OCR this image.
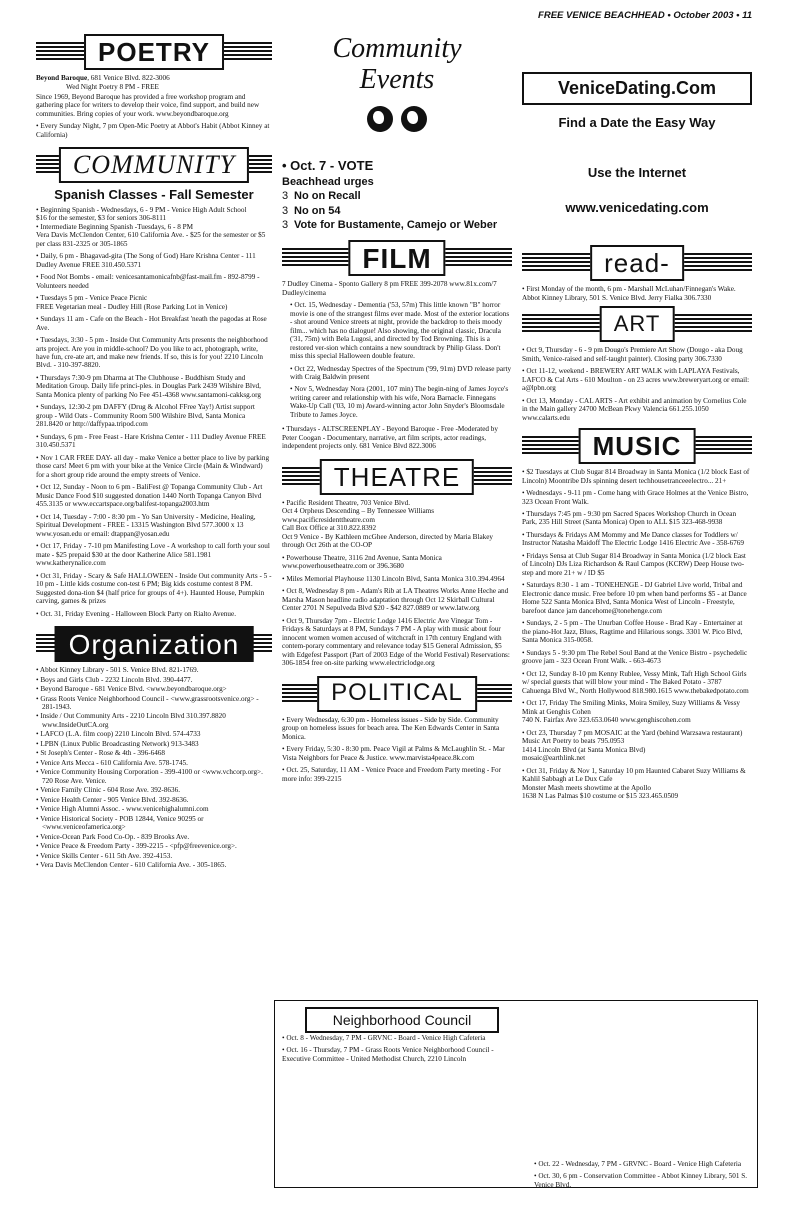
FREE VENICE BEACHHEAD • October 2003 • 11
POETRY

Beyond Baroque, 681 Venice Blvd. 822-3006

Wed Night Poetry 8 PM - FREE

Since 1969, Beyond Baroque has provided a free workshop program and gathering place for writers to develop their voice, find support, and build new communities. Bring copies of your work. www.beyondbaroque.org

• Every Sunday Night, 7 pm Open-Mic Poetry at Abbot's Habit (Abbot Kinney at California)

COMMUNITY
Spanish Classes - Fall Semester

• Beginning Spanish - Wednesdays, 6 - 9 PM - Venice High Adult School
$16 for the semester, $3 for seniors 306-8111
• Intermediate Beginning Spanish -Tuesdays, 6 - 8 PM
Vera Davis McClendon Center, 610 California Ave. - $25 for the semester or $5 per class 831-2325 or 305-1865

• Daily, 6 pm - Bhagavad-gita (The Song of God) Hare Krishna Center - 111 Dudley Avenue FREE 310.450.5371
• Food Not Bombs - email: venicesantamonicafnb@fast-mail.fm - 892-8799 - Volunteers needed
• Tuesdays 5 pm - Venice Peace Picnic
FREE Vegetarian meal - Dudley Hill (Rose Parking Lot in Venice)
• Sundays 11 am - Cafe on the Beach - Hot Breakfast 'neath the pagodas at Rose Ave.
• Tuesdays, 3:30 - 5 pm - Inside Out Community Arts presents the neighborhood arts project. Are you in middle-school? Do you like to act, photograph, write, have fun, cre-ate art, and make new friends. If so, this is for you! 2210 Lincoln Blvd. - 310-397-8820.
• Thursdays 7:30-9 pm Dharma at The Clubhouse - Buddhism Study and Meditation Group. Daily life princi-ples. in Douglas Park 2439 Wilshire Blvd, Santa Monica plenty of parking No Fee 451-4368 www.santamoni-cakksg.org
• Sundays, 12:30-2 pm DAFFY (Drug & Alcohol FFree Yay!) Artist support group - Wild Oats - Community Room 500 Wilshire Blvd, Santa Monica 281.8420 or http://daffypaa.tripod.com
• Sundays, 6 pm - Free Feast - Hare Krishna Center - 111 Dudley Avenue FREE 310.450.5371
• Nov 1 CAR FREE DAY- all day - make Venice a better place to live by parking those cars! Meet 6 pm with your bike at the Venice Circle (Main & Windward) for a short group ride around the empty streets of Venice.
• Oct 12, Sunday - Noon to 6 pm - BaliFest @ Topanga Community Club - Art Music Dance Food $10 suggested donation 1440 North Topanga Canyon Blvd 455.3135 or www.eccartspace.org/balifest-topanga2003.htm
• Oct 14, Tuesday - 7:00 - 8:30 pm - Yo San University - Medicine, Healing, Spiritual Development - FREE - 13315 Washington Blvd 577.3000 x 13 www.yosan.edu or email: dtappan@yosan.edu
• Oct 17, Friday - 7-10 pm Manifesting Love - A workshop to call forth your soul mate - $25 prepaid $30 at the door Katherine Alice 581.1981 www.katherynalice.com
• Oct 31, Friday - Scary & Safe HALLOWEEN - Inside Out community Arts - 5 - 10 pm - Little kids costume con-test 6 PM; Big kids costume contest 8 PM. Suggested dona-tion $4 (half price for groups of 4+). Haunted House, Pumpkin carving, games & prizes
• Oct. 31, Friday Evening - Halloween Block Party on Rialto Avenue.
Organization
• Abbot Kinney Library - 501 S. Venice Blvd. 821-1769.
• Boys and Girls Club - 2232 Lincoln Blvd. 390-4477.
• Beyond Baroque - 681 Venice Blvd. <www.beyondbaroque.org>
• Grass Roots Venice Neighborhood Council - <www.grassrootsvenice.org> - 281-1943.
• Inside / Out Community Arts - 2210 Lincoln Blvd 310.397.8820 www.InsideOutCA.org
• LAFCO (L.A. film coop) 2210 Lincoln Blvd. 574-4733
• LPBN (Linux Public Broadcasting Network) 913-3483
• St Joseph's Center - Rose & 4th - 396-6468
• Venice Arts Mecca - 610 California Ave. 578-1745.
• Venice Community Housing Corporation - 399-4100 or <www.vchcorp.org>. 720 Rose Ave. Venice.
• Venice Family Clinic - 604 Rose Ave. 392-8636.
• Venice Health Center - 905 Venice Blvd. 392-8636.
• Venice High Alumni Assoc. - www.venicehighalumni.com
• Venice Historical Society - POB 12844, Venice 90295 or <www.veniceofamerica.org>
• Venice-Ocean Park Food Co-Op. - 839 Brooks Ave.
• Venice Peace & Freedom Party - 399-2215 - <pfp@freevenice.org>.
• Venice Skills Center - 611 5th Ave. 392-4153.
• Vera Davis McClendon Center - 610 California Ave. - 305-1865.
Community
Events

• Oct. 7 - VOTE
Beachhead urges
3 No on Recall
3 No on 54
3 Vote for Bustamente, Camejo or Weber
FILM

7 Dudley Cinema - Sponto Gallery 8 pm FREE 399-2078 www.81x.com/7 Dudley/cinema

• Oct. 15, Wednesday - Dementia ('53, 57m) This little known "B" horror movie is one of the strangest films ever made. Most of the exterior locations - shot around Venice streets at night, provide the backdrop to theis moody film... which has no dialogue! Also showing, the original classic, Dracula ('31, 75m) with Bela Lugosi, and directed by Tod Browning. This is a restored ver-sion which contains a new soundtrack by Philip Glass. Don't miss this special Halloween double feature.
• Oct 22, Wednesday Spectres of the Spectrum ('99, 91m) DVD release party with Craig Baldwin present
• Nov 5, Wednesday Nora (2001, 107 min) The begin-ning of James Joyce's writing career and relationship with his wife, Nora Barnacle. Finnegans Wake-Up Call ('03, 10 m) Award-winning actor John Snyder's Bloomsdale Tribute to James Joyce.

• Thursdays - ALTSCREENPLAY - Beyond Baroque - Free -Moderated by Peter Coogan - Documentary, narrative, art film scripts, actor readings, independent projects only. 681 Venice Blvd 822.3006

THEATRE
• Pacific Resident Theatre, 703 Venice Blvd.
Oct 4 Orpheus Descending – By Tennessee Williams
www.pacificresidenttheatre.com
Call Box Office at 310.822.8392
Oct 9 Venice - By Kathleen mcGhee Anderson, directed by Maria Blakey through Oct 26th at the CO-OP
• Powerhouse Theatre, 3116 2nd Avenue, Santa Monica www.powerhousetheatre.com or 396.3680
• Miles Memorial Playhouse 1130 Lincoln Blvd, Santa Monica 310.394.4964
• Oct 8, Wednesday 8 pm - Adam's Rib at LA Theatres Works Anne Heche and Marsha Mason headline radio adaptation through Oct 12 Skirball Cultural Center 2701 N Sepulveda Blvd $20 - $42 827.0889 or www.latw.org
• Oct 9, Thursday 7pm - Electric Lodge 1416 Electric Ave Vinegar Tom - Fridays & Saturdays at 8 PM, Sundays 7 PM - A play with music about four innocent women women accused of witchcraft in 17th century England with contem-porary commentary and relevance today $15 General Admission, $5 with Edgefest Passport (Part of 2003 Edge of the World Festival) Reservations: 306-1854 free on-site parking www.electriclodge.org
POLITICAL
• Every Wednesday, 6:30 pm - Homeless issues - Side by Side. Community group on homeless issues for beach area. The Ken Edwards Center in Santa Monica.
• Every Friday, 5:30 - 8:30 pm. Peace Vigil at Palms & McLaughlin St. - Mar Vista Neighbors for Peace & Justice. www.marvista4peace.8k.com
• Oct. 25, Saturday, 11 AM - Venice Peace and Freedom Party meeting - For more info: 399-2215
Neighborhood Council
• Oct. 8 - Wednesday, 7 PM - GRVNC - Board - Venice High Cafeteria
• Oct. 16 - Thursday, 7 PM - Grass Roots Venice Neighborhood Council - Executive Committee - United Methodist Church, 2210 Lincoln
• Oct. 22 - Wednesday, 7 PM - GRVNC - Board - Venice High Cafeteria
• Oct. 30, 6 pm - Conservation Committee - Abbot Kinney Library, 501 S. Venice Blvd.
VeniceDating.Com
Find a Date the Easy Way
Use the Internet
www.venicedating.com
read-
• First Monday of the month, 6 pm - Marshall McLuhan/Finnegan's Wake. Abbot Kinney Library, 501 S. Venice Blvd. Jerry Fialka 306.7330
ART
• Oct 9, Thursday - 6 - 9 pm Dougo's Premiere Art Show (Dougo - aka Doug Smith, Venice-raised and self-taught painter). Closing party 306.7330
• Oct 11-12, weekend - BREWERY ART WALK with LAPLAYA Festivals, LAFCO & Cal Arts - 610 Moulton - on 23 acres www.breweryart.org or email: a@lpbn.org
• Oct 13, Monday - CAL ARTS - Art exhibit and animation by Cornelius Cole in the Main gallery 24700 McBean Pkwy Valencia 661.255.1050 www.calarts.edu
MUSIC
• $2 Tuesdays at Club Sugar 814 Broadway in Santa Monica (1/2 block East of Lincoln) Moontribe DJs spinning desert techhousetranceeelectro... 21+
• Wednesdays - 9-11 pm - Come hang with Grace Holmes at the Venice Bistro, 323 Ocean Front Walk.
• Thursdays 7:45 pm - 9:30 pm Sacred Spaces Workshop Church in Ocean Park, 235 Hill Street (Santa Monica) Open to ALL $15 323-468-9938
• Thursdays & Fridays AM Mommy and Me Dance classes for Toddlers w/ Instructor Natasha Maidoff The Electric Lodge 1416 Electric Ave - 358-6769
• Fridays Sensa at Club Sugar 814 Broadway in Santa Monica (1/2 block East of Lincoln) DJs Liza Richardson & Raul Campos (KCRW) Deep House two-step and more 21+ w / ID $5
• Saturdays 8:30 - 1 am - TONEHENGE - DJ Gabriel Live world, Tribal and Electronic dance music. Free before 10 pm when band performs $5 - at Dance Home 522 Santa Monica Blvd, Santa Monica West of Lincoln - Freestyle, barefoot dance jam dancehome@tonehenge.com
• Sundays, 2 - 5 pm - The Unurban Coffee House - Brad Kay - Entertainer at the piano-Hot Jazz, Blues, Ragtime and Hilarious songs. 3301 W. Pico Blvd, Santa Monica 315-0058.
• Sundays 5 - 9:30 pm The Rebel Soul Band at the Venice Bistro - psychedelic groove jam - 323 Ocean Front Walk. - 663-4673
• Oct 12, Sunday 8-10 pm Kenny Rublee, Vessy Mink, Taft High School Girls w/ special guests that will blow your mind - The Baked Potato - 3787 Cahuenga Blvd W., North Hollywood 818.980.1615 www.thebakedpotato.com
• Oct 17, Friday The Smiling Minks, Moira Smiley, Suzy Williams & Vessy Mink at Genghis Cohen
740 N. Fairfax Ave 323.653.0640 www.genghiscohen.com
• Oct 23, Thursday 7 pm MOSAIC at the Yard (behind Warzsawa restaurant) Music Art Poetry to beats 795.0953
1414 Lincoln Blvd (at Santa Monica Blvd)
mosaic@earthlink.net
• Oct 31, Friday & Nov 1, Saturday 10 pm Haunted Cabaret Suzy Williams & Kahlil Sabbagh at Le Dux Cafe
Monster Mash meets showtime at the Apollo
1638 N Las Palmas $10 costume or $15 323.465.0509
